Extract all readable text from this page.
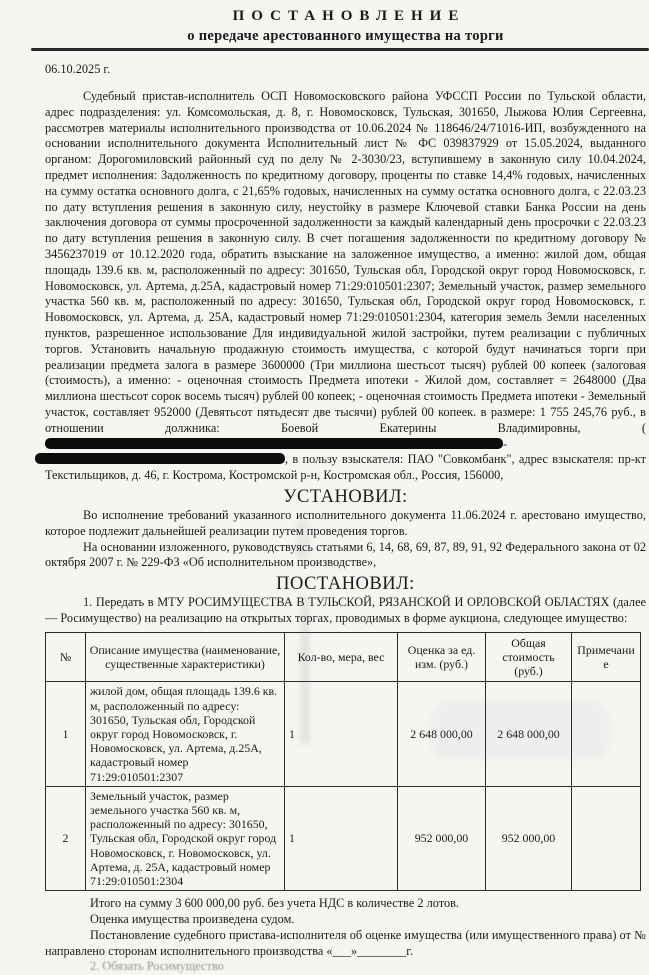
ПОСТАНОВЛЕНИЕ
о передаче арестованного имущества на торги
06.10.2025 г.

Судебный пристав-исполнитель ОСП Новомосковского района УФССП России по Тульской области, адрес подразделения: ул. Комсомольская, д. 8, г. Новомосковск, Тульская, 301650, Лыжова Юлия Сергеевна, рассмотрев материалы исполнительного производства от 10.06.2024 № 118646/24/71016-ИП, возбужденного на основании исполнительного документа Исполнительный лист № ФС 039837929 от 15.05.2024, выданного органом: Дорогомиловский районный суд по делу № 2-3030/23, вступившему в законную силу 10.04.2024, предмет исполнения: Задолженность по кредитному договору, проценты по ставке 14,4% годовых, начисленных на сумму остатка основного долга, с 21,65% годовых, начисленных на сумму остатка основного долга, с 22.03.23 по дату вступления решения в законную силу, неустойку в размере Ключевой ставки Банка России на день заключения договора от суммы просроченной задолженности за каждый календарный день просрочки с 22.03.23 по дату вступления решения в законную силу. В счет погашения задолженности по кредитному договору № 3456237019 от 10.12.2020 года, обратить взыскание на заложенное имущество, а именно: жилой дом, общая площадь 139.6 кв. м, расположенный по адресу: 301650, Тульская обл, Городской округ город Новомосковск, г. Новомосковск, ул. Артема, д.25А, кадастровый номер 71:29:010501:2307; Земельный участок, размер земельного участка 560 кв. м, расположенный по адресу: 301650, Тульская обл, Городской округ город Новомосковск, г. Новомосковск, ул. Артема, д. 25А, кадастровый номер 71:29:010501:2304, категория земель Земли населенных пунктов, разрешенное использование Для индивидуальной жилой застройки, путем реализации с публичных торгов. Установить начальную продажную стоимость имущества, с которой будут начинаться торги при реализации предмета залога в размере 3600000 (Три миллиона шестьсот тысяч) рублей 00 копеек (залоговая (стоимость), а именно: - оценочная стоимость Предмета ипотеки - Жилой дом, составляет = 2648000 (Два миллиона шестьсот сорок восемь тысяч) рублей 00 копеек; - оценочная стоимость Предмета ипотеки - Земельный участок, составляет 952000 (Девятьсот пятьдесят две тысячи) рублей 00 копеек. в размере: 1 755 245,76 руб., в отношении должника: Боевой Екатерины Владимировны, (- , в пользу взыскателя: ПАО "Совкомбанк", адрес взыскателя: пр-кт Текстильщиков, д. 46, г. Кострома, Костромской р-н, Костромская обл., Россия, 156000,

УСТАНОВИЛ:

Во исполнение требований указанного исполнительного документа 11.06.2024 г. арестовано имущество, которое подлежит дальнейшей реализации путем проведения торгов.

На основании изложенного, руководствуясь статьями 6, 14, 68, 69, 87, 89, 91, 92 Федерального закона от 02 октября 2007 г. № 229-ФЗ «Об исполнительном производстве»,

ПОСТАНОВИЛ:

1. Передать в МТУ РОСИМУЩЕСТВА В ТУЛЬСКОЙ, РЯЗАНСКОЙ И ОРЛОВСКОЙ ОБЛАСТЯХ (далее — Росимущество) на реализацию на открытых торгах, проводимых в форме аукциона, следующее имущество:

№	Описание имущества (наименование, существенные характеристики)	Кол-во, мера, вес	Оценка за ед. изм. (руб.)	Общая стоимость (руб.)	Примечание
1	жилой дом, общая площадь 139.6 кв. м, расположенный по адресу: 301650, Тульская обл, Городской округ город Новомосковск, г. Новомосковск, ул. Артема, д.25А, кадастровый номер 71:29:010501:2307	1	2 648 000,00	2 648 000,00	
2	Земельный участок, размер земельного участка 560 кв. м, расположенный по адресу: 301650, Тульская обл, Городской округ город Новомосковск, г. Новомосковск, ул. Артема, д. 25А, кадастровый номер 71:29:010501:2304	1	952 000,00	952 000,00	

Итого на сумму 3 600 000,00 руб. без учета НДС в количестве 2 лотов.

Оценка имущества произведена судом.

Постановление судебного пристава-исполнителя об оценке имущества (или имущественного права) от №

направлено сторонам исполнительного производства «___»________г.

2. Обязать Росимущество
